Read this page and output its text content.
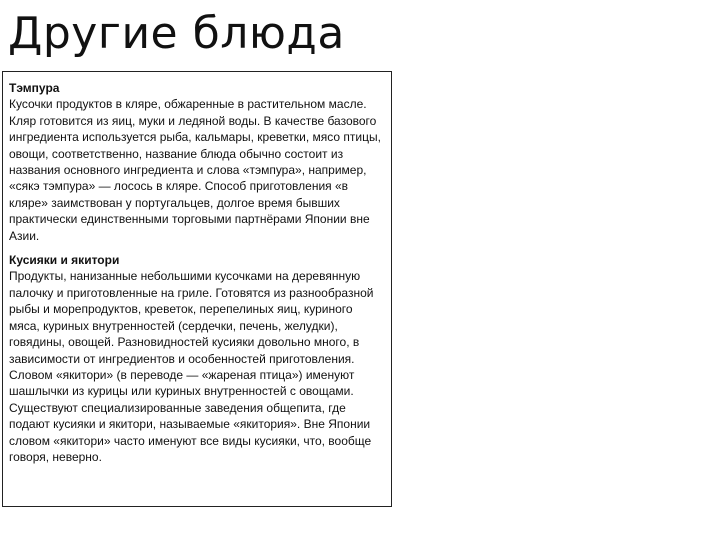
Другие блюда
Тэмпура

Кусочки продуктов в кляре, обжаренные в растительном масле. Кляр готовится из яиц, муки и ледяной воды. В качестве базового ингредиента используется рыба, кальмары, креветки, мясо птицы, овощи, соответственно, название блюда обычно состоит из названия основного ингредиента и слова «тэмпура», например, «сякэ тэмпура» — лосось в кляре. Способ приготовления «в кляре» заимствован у португальцев, долгое время бывших практически единственными торговыми партнёрами Японии вне Азии.

Кусияки и якитори

Продукты, нанизанные небольшими кусочками на деревянную палочку и приготовленные на гриле. Готовятся из разнообразной рыбы и морепродуктов, креветок, перепелиных яиц, куриного мяса, куриных внутренностей (сердечки, печень, желудки), говядины, овощей. Разновидностей кусияки довольно много, в зависимости от ингредиентов и особенностей приготовления. Словом «якитори» (в переводе — «жареная птица») именуют шашлычки из курицы или куриных внутренностей с овощами. Существуют специализированные заведения общепита, где подают кусияки и якитори, называемые «якитория». Вне Японии словом «якитори» часто именуют все виды кусияки, что, вообще говоря, неверно.
